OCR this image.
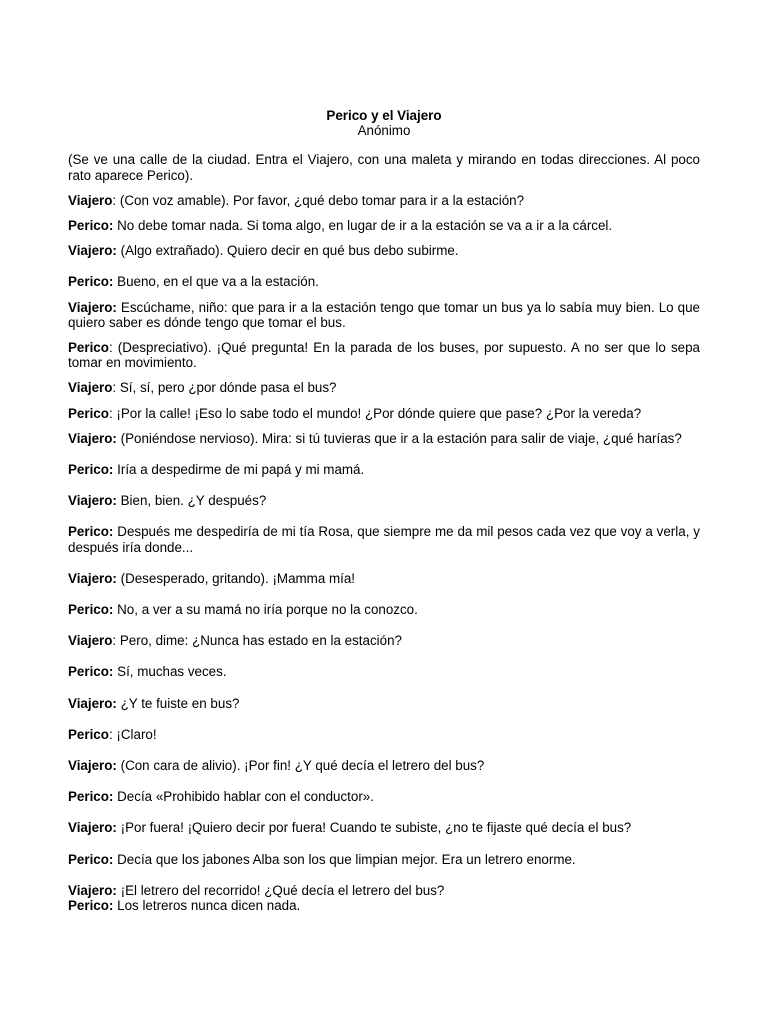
Perico y el Viajero
Anónimo

(Se ve una calle de la ciudad. Entra el Viajero, con una maleta y mirando en todas direcciones. Al poco rato aparece Perico).

Viajero: (Con voz amable). Por favor, ¿qué debo tomar para ir a la estación?

Perico: No debe tomar nada. Si toma algo, en lugar de ir a la estación se va a ir a la cárcel.

Viajero: (Algo extrañado). Quiero decir en qué bus debo subirme.

Perico: Bueno, en el que va a la estación.

Viajero: Escúchame, niño: que para ir a la estación tengo que tomar un bus ya lo sabía muy bien. Lo que quiero saber es dónde tengo que tomar el bus.

Perico: (Despreciativo). ¡Qué pregunta! En la parada de los buses, por supuesto. A no ser que lo sepa tomar en movimiento.

Viajero: Sí, sí, pero ¿por dónde pasa el bus?

Perico: ¡Por la calle! ¡Eso lo sabe todo el mundo! ¿Por dónde quiere que pase? ¿Por la vereda?

Viajero: (Poniéndose nervioso). Mira: si tú tuvieras que ir a la estación para salir de viaje, ¿qué harías?

Perico: Iría a despedirme de mi papá y mi mamá.

Viajero: Bien, bien. ¿Y después?

Perico: Después me despediría de mi tía Rosa, que siempre me da mil pesos cada vez que voy a verla, y después iría donde...

Viajero: (Desesperado, gritando). ¡Mamma mía!

Perico: No, a ver a su mamá no iría porque no la conozco.

Viajero: Pero, dime: ¿Nunca has estado en la estación?

Perico: Sí, muchas veces.

Viajero: ¿Y te fuiste en bus?

Perico: ¡Claro!

Viajero: (Con cara de alivio). ¡Por fin! ¿Y qué decía el letrero del bus?

Perico: Decía «Prohibido hablar con el conductor».

Viajero: ¡Por fuera! ¡Quiero decir por fuera! Cuando te subiste, ¿no te fijaste qué decía el bus?

Perico: Decía que los jabones Alba son los que limpian mejor. Era un letrero enorme.

Viajero: ¡El letrero del recorrido! ¿Qué decía el letrero del bus?

Perico: Los letreros nunca dicen nada.
